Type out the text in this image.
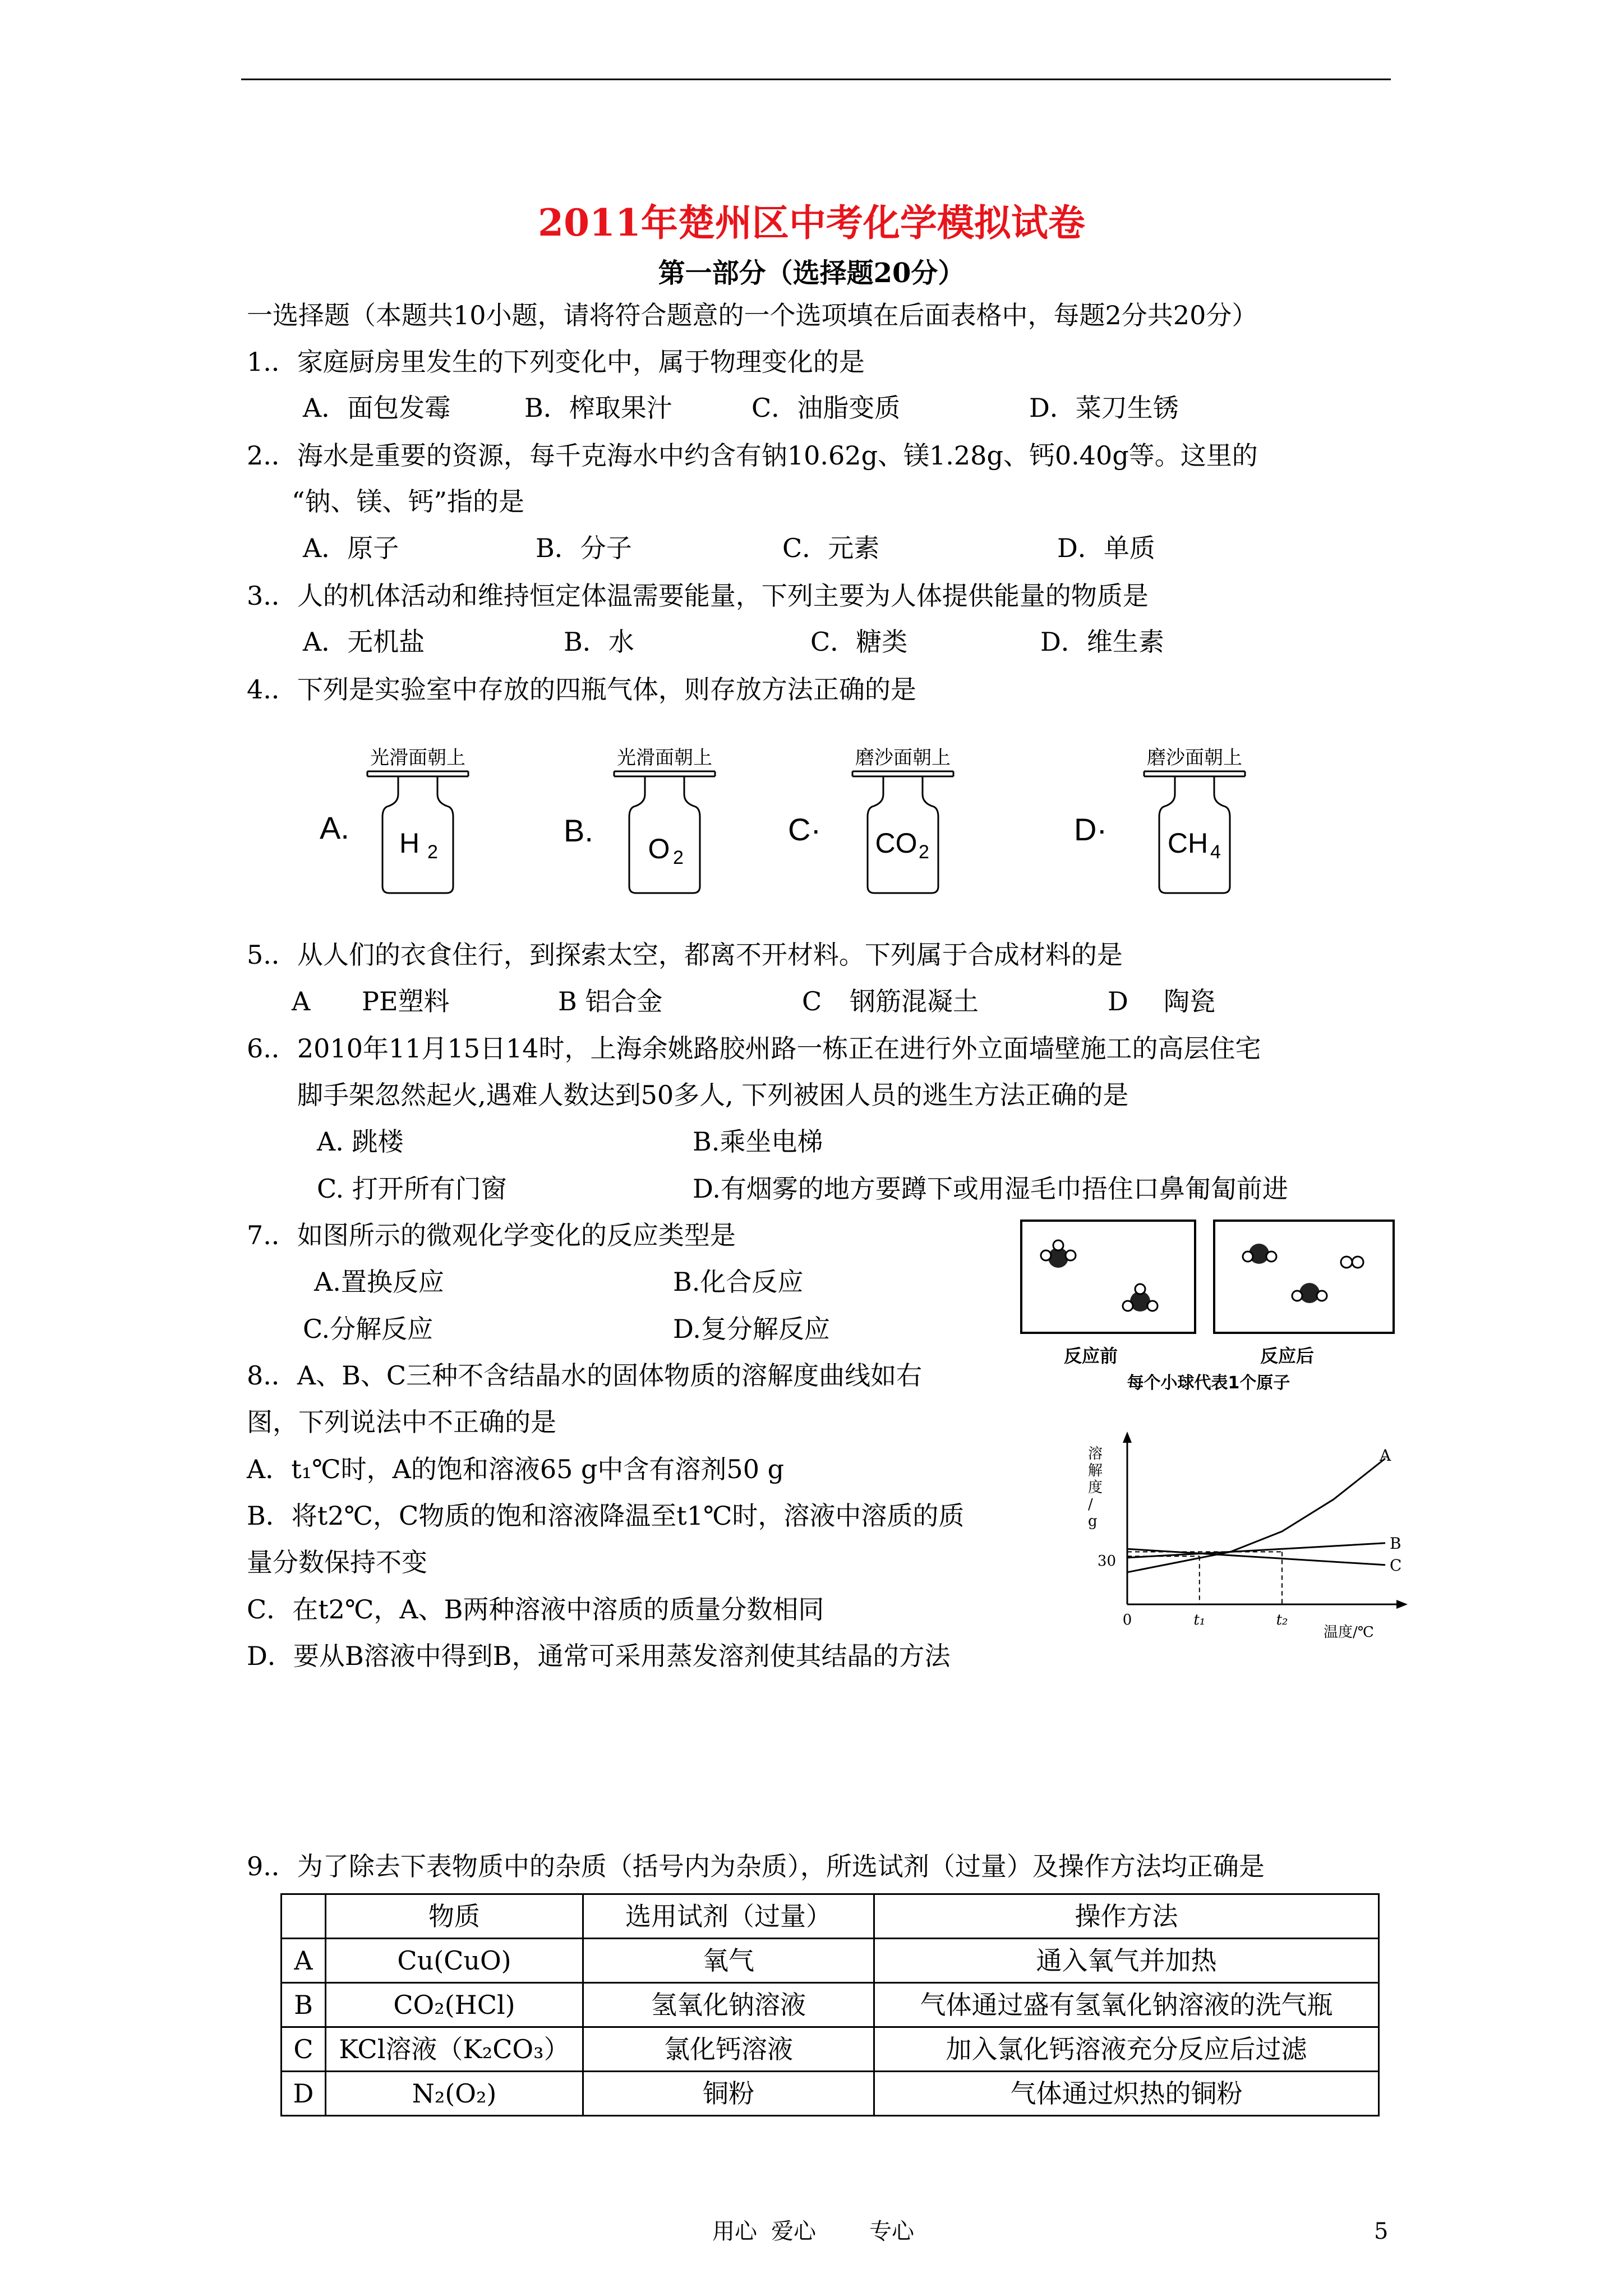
2011年楚州区中考化学模拟试卷
第一部分（选择题20分）
一选择题（本题共10小题，请将符合题意的一个选项填在后面表格中，每题2分共20分）
1.．家庭厨房里发生的下列变化中，属于物理变化的是
A．面包发霉	B．榨取果汁	C．油脂变质	D．菜刀生锈
2.．海水是重要的资源，每千克海水中约含有钠10.62g、镁1.28g、钙0.40g等。这里的
“钠、镁、钙”指的是
A．原子	B．分子	C．元素	D．单质
3.．人的机体活动和维持恒定体温需要能量，下列主要为人体提供能量的物质是
A．无机盐	B．水	C．糖类	D．维生素
4.．下列是实验室中存放的四瓶气体，则存放方法正确的是
A.
光滑面朝上
H 2
B.
光滑面朝上
O 2
C·
磨沙面朝上
CO 2
D·
磨沙面朝上
CH 4
5.．从人们的衣食住行，到探索太空，都离不开材料。下列属于合成材料的是
A PE塑料	B 铝合金	C 钢筋混凝土	D 陶瓷
6.．2010年11月15日14时，上海余姚路胶州路一栋正在进行外立面墙壁施工的高层住宅
脚手架忽然起火,遇难人数达到50多人, 下列被困人员的逃生方法正确的是
A. 跳楼	B.乘坐电梯
C. 打开所有门窗	D.有烟雾的地方要蹲下或用湿毛巾捂住口鼻匍匐前进
7.．如图所示的微观化学变化的反应类型是
A.置换反应	B.化合反应
C.分解反应	D.复分解反应
反应前	反应后
每个小球代表1个原子
8.．A、B、C三种不含结晶水的固体物质的溶解度曲线如右
图，下列说法中不正确的是
A．t₁℃时，A的饱和溶液65 g中含有溶剂50 g
B．将t2℃，C物质的饱和溶液降温至t1℃时，溶液中溶质的质
量分数保持不变
C．在t2℃，A、B两种溶液中溶质的质量分数相同
D．要从B溶液中得到B，通常可采用蒸发溶剂使其结晶的方法
溶解度/ g
温度/℃
0	t₁	t₂
30
A
B
C
9.．为了除去下表物质中的杂质（括号内为杂质），所选试剂（过量）及操作方法均正确是
	物质	选用试剂（过量）	操作方法
A	Cu(CuO)	氧气	通入氧气并加热
B	CO₂(HCl)	氢氧化钠溶液	气体通过盛有氢氧化钠溶液的洗气瓶
C	KCl溶液（K₂CO₃）	氯化钙溶液	加入氯化钙溶液充分反应后过滤
D	N₂(O₂)	铜粉	气体通过炽热的铜粉
用心 爱心 专心	5
